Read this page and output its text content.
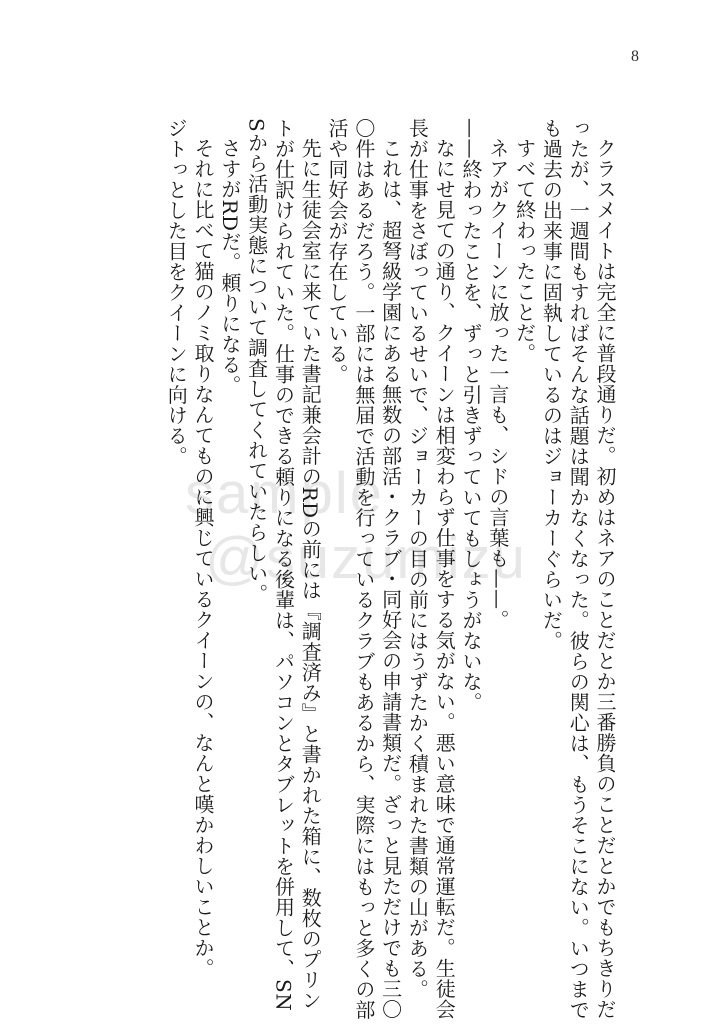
8
sample
@suzumizu	クラスメイトは完全に普段通りだ。初めはネアのことだとか三番勝負のことだとかでもちきりだ
ったが、一週間もすればそんな話題は聞かなくなった。彼らの関心は、もうそこにない。いつまで
も過去の出来事に固執しているのはジョーカーぐらいだ。
すべて終わったことだ。
ネアがクイーンに放った一言も、シドの言葉も——。
——終わったことを、ずっと引きずっていてもしょうがないな。
なにせ見ての通り、クイーンは相変わらず仕事をする気がない。悪い意味で通常運転だ。生徒会
長が仕事をさぼっているせいで、ジョーカーの目の前にはうずたかく積まれた書類の山がある。
これは、超弩級学園にある無数の部活・クラブ・同好会の申請書類だ。ざっと見ただけでも三〇
〇件はあるだろう。一部には無届で活動を行っているクラブもあるから、実際にはもっと多くの部
活や同好会が存在している。
先に生徒会室に来ていた書記兼会計のRDの前には『調査済み』と書かれた箱に、数枚のプリン
トが仕訳けられていた。仕事のできる頼りになる後輩は、パソコンとタブレットを併用して、SN
Sから活動実態について調査してくれていたらしい。
さすがRDだ。頼りになる。
それに比べて猫のノミ取りなんてものに興じているクイーンの、なんと嘆かわしいことか。
ジトっとした目をクイーンに向ける。
